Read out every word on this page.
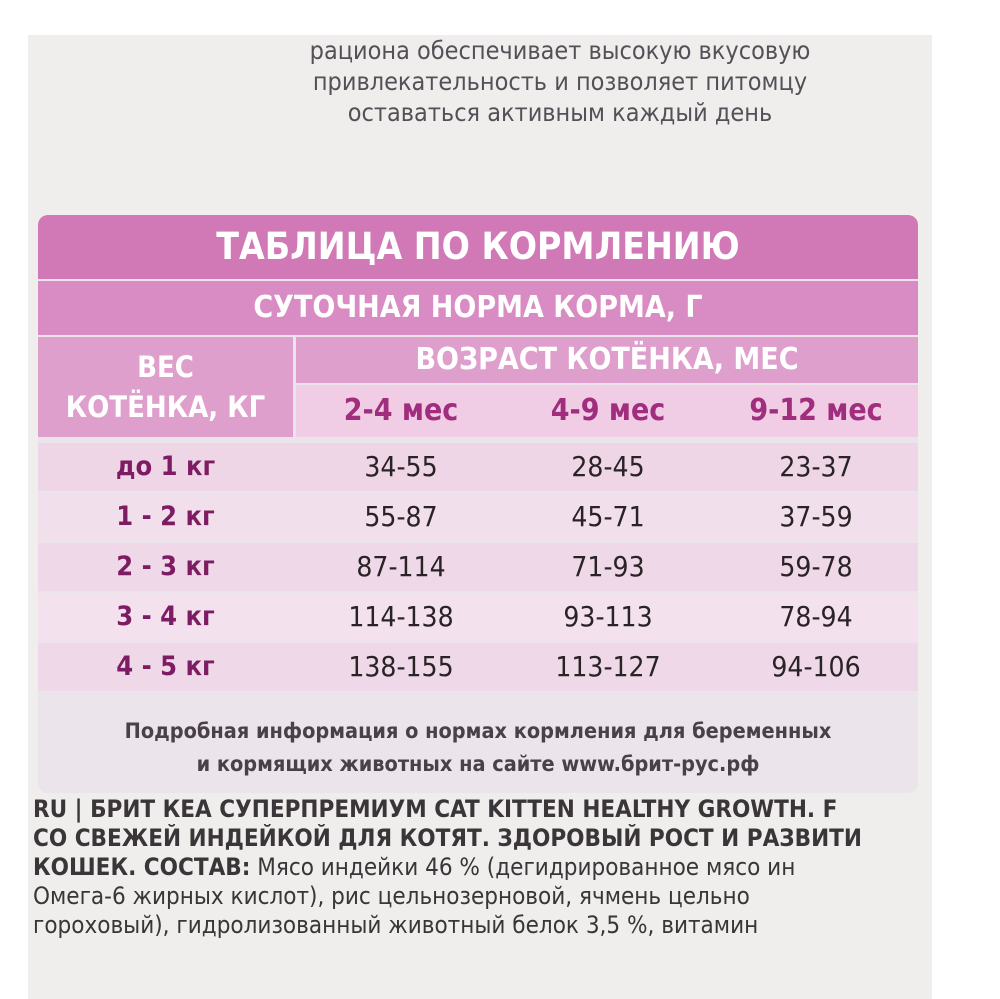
рациона обеспечивает высокую вкусовую
привлекательность и позволяет питомцу
оставаться активным каждый день
ТАБЛИЦА ПО КОРМЛЕНИЮ
СУТОЧНАЯ НОРМА КОРМА, Г
ВЕС
КОТЁНКА, КГ
ВОЗРАСТ КОТЁНКА, МЕС
2-4 мес	4-9 мес	9-12 мес
до 1 кг	34-55	28-45	23-37
1 - 2 кг	55-87	45-71	37-59
2 - 3 кг	87-114	71-93	59-78
3 - 4 кг	114-138	93-113	78-94
4 - 5 кг	138-155	113-127	94-106
Подробная информация о нормах кормления для беременных
и кормящих животных на сайте www.брит-рус.рф
RU | БРИТ КЕА СУПЕРПРЕМИУМ CAT KITTEN HEALTHY GROWTH. F
СО СВЕЖЕЙ ИНДЕЙКОЙ ДЛЯ КОТЯТ. ЗДОРОВЫЙ РОСТ И РАЗВИТИ
КОШЕК. СОСТАВ: Мясо индейки 46 % (дегидрированное мясо ин
Омега-6 жирных кислот), рис цельнозерновой, ячмень цельно
гороховый), гидролизованный животный белок 3,5 %, витамин
